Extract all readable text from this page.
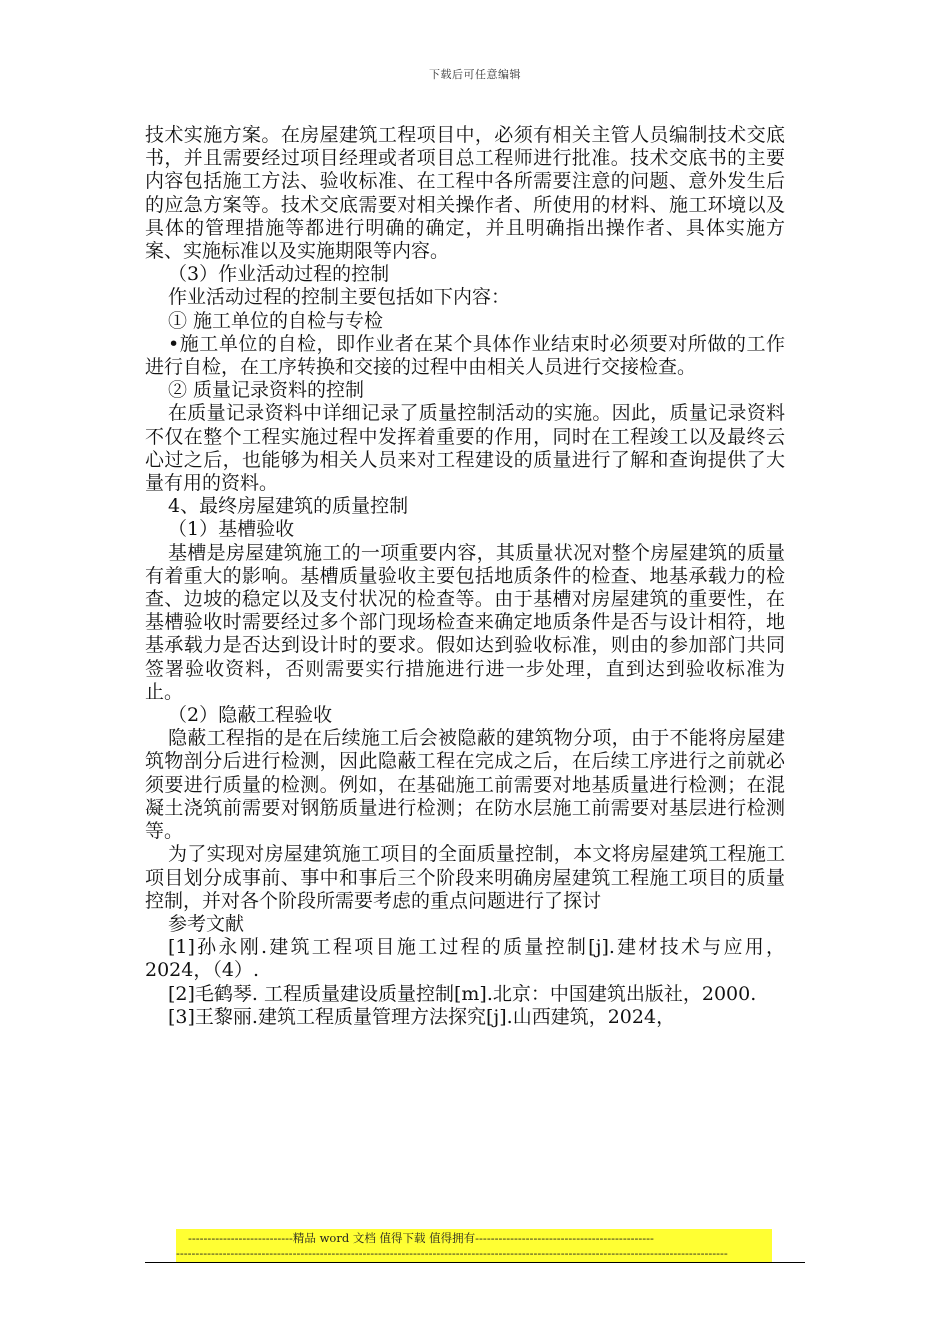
下载后可任意编辑

技术实施方案。在房屋建筑工程项目中，必须有相关主管人员编制技术交底书，并且需要经过项目经理或者项目总工程师进行批准。技术交底书的主要内容包括施工方法、验收标准、在工程中各所需要注意的问题、意外发生后的应急方案等。技术交底需要对相关操作者、所使用的材料、施工环境以及具体的管理措施等都进行明确的确定，并且明确指出操作者、具体实施方案、实施标准以及实施期限等内容。

（3）作业活动过程的控制

作业活动过程的控制主要包括如下内容：

① 施工单位的自检与专检

•施工单位的自检，即作业者在某个具体作业结束时必须要对所做的工作进行自检，在工序转换和交接的过程中由相关人员进行交接检查。

② 质量记录资料的控制

在质量记录资料中详细记录了质量控制活动的实施。因此，质量记录资料不仅在整个工程实施过程中发挥着重要的作用，同时在工程竣工以及最终云心过之后，也能够为相关人员来对工程建设的质量进行了解和查询提供了大量有用的资料。

4、最终房屋建筑的质量控制

（1）基槽验收

基槽是房屋建筑施工的一项重要内容，其质量状况对整个房屋建筑的质量有着重大的影响。基槽质量验收主要包括地质条件的检查、地基承载力的检查、边坡的稳定以及支付状况的检查等。由于基槽对房屋建筑的重要性，在基槽验收时需要经过多个部门现场检查来确定地质条件是否与设计相符，地基承载力是否达到设计时的要求。假如达到验收标准，则由的参加部门共同签署验收资料，否则需要实行措施进行进一步处理，直到达到验收标准为止。

（2）隐蔽工程验收

隐蔽工程指的是在后续施工后会被隐蔽的建筑物分项，由于不能将房屋建筑物剖分后进行检测，因此隐蔽工程在完成之后，在后续工序进行之前就必须要进行质量的检测。例如，在基础施工前需要对地基质量进行检测；在混凝土浇筑前需要对钢筋质量进行检测；在防水层施工前需要对基层进行检测等。

为了实现对房屋建筑施工项目的全面质量控制，本文将房屋建筑工程施工项目划分成事前、事中和事后三个阶段来明确房屋建筑工程施工项目的质量控制，并对各个阶段所需要考虑的重点问题进行了探讨

参考文献

[1]孙永刚.建筑工程项目施工过程的质量控制[j].建材技术与应用，2024，（4）.

[2]毛鹤琴. 工程质量建设质量控制[m].北京：中国建筑出版社，2000.

[3]王黎丽.建筑工程质量管理方法探究[j].山西建筑，2024，

---------------------------精品 word 文档 值得下载 值得拥有----------------------------------------------
----------------------------------------------------------------------------------------------------------------------------------------------
